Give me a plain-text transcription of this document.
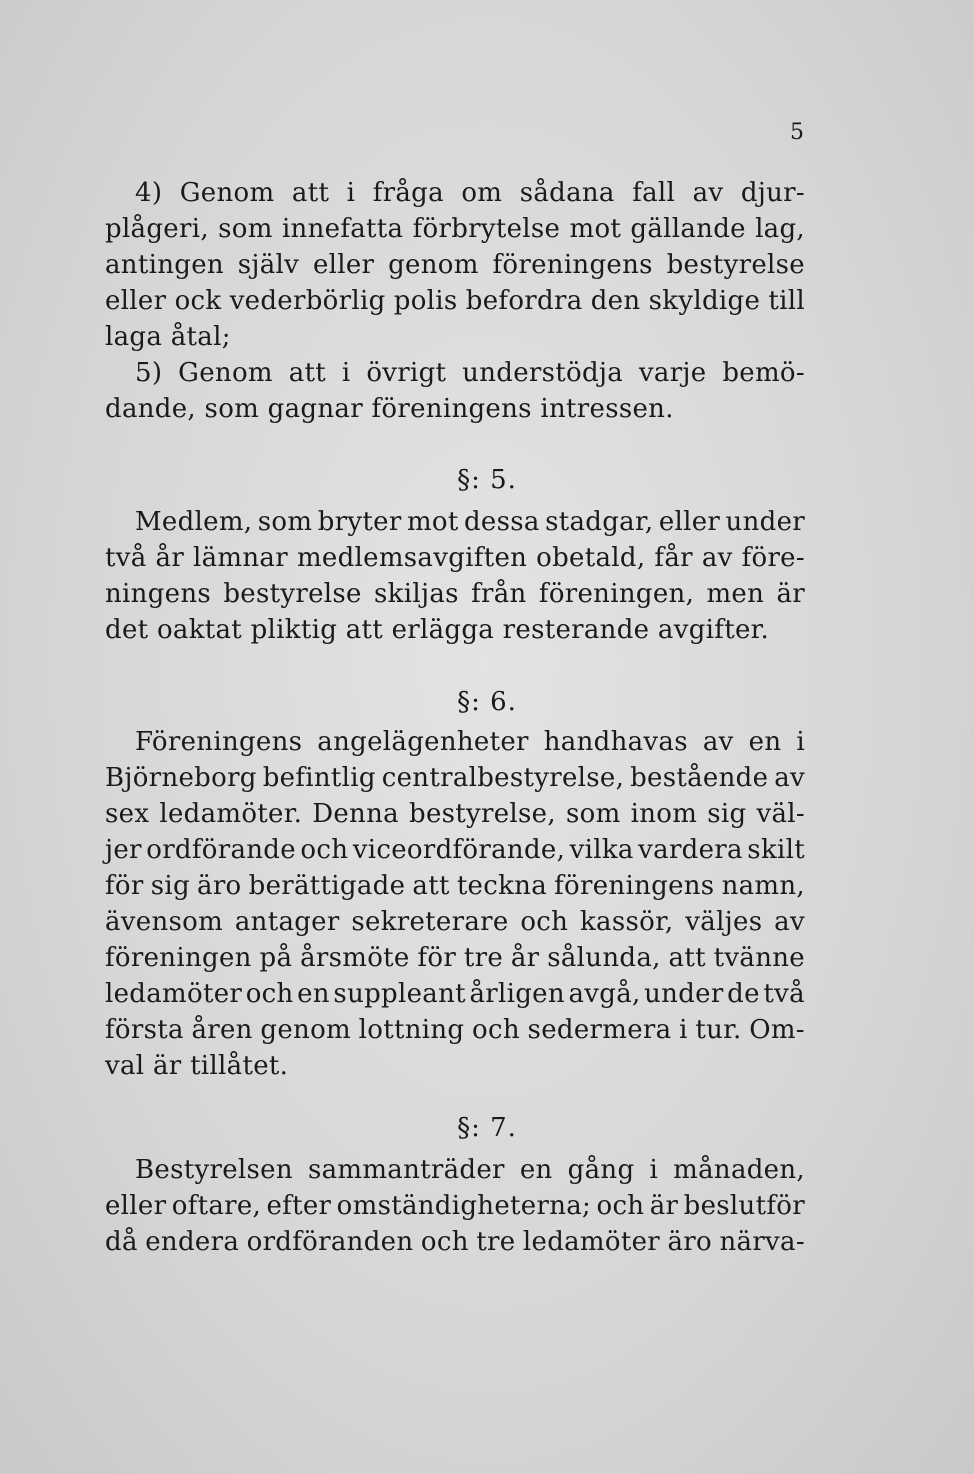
5
4) Genom att i fråga om sådana fall av djur-
plågeri, som innefatta förbrytelse mot gällande lag,
antingen själv eller genom föreningens bestyrelse
eller ock vederbörlig polis befordra den skyldige till
laga åtal;
5) Genom att i övrigt understödja varje bemö-
dande, som gagnar föreningens intressen.
§: 5.
Medlem, som bryter mot dessa stadgar, eller under
två år lämnar medlemsavgiften obetald, får av före-
ningens bestyrelse skiljas från föreningen, men är
det oaktat pliktig att erlägga resterande avgifter.
§: 6.
Föreningens angelägenheter handhavas av en i
Björneborg befintlig centralbestyrelse, bestående av
sex ledamöter. Denna bestyrelse, som inom sig väl-
jer ordförande och viceordförande, vilka vardera skilt
för sig äro berättigade att teckna föreningens namn,
ävensom antager sekreterare och kassör, väljes av
föreningen på årsmöte för tre år sålunda, att tvänne
ledamöter och en suppleant årligen avgå, under de två
första åren genom lottning och sedermera i tur. Om-
val är tillåtet.
§: 7.
Bestyrelsen sammanträder en gång i månaden,
eller oftare, efter omständigheterna; och är beslutför
då endera ordföranden och tre ledamöter äro närva-
